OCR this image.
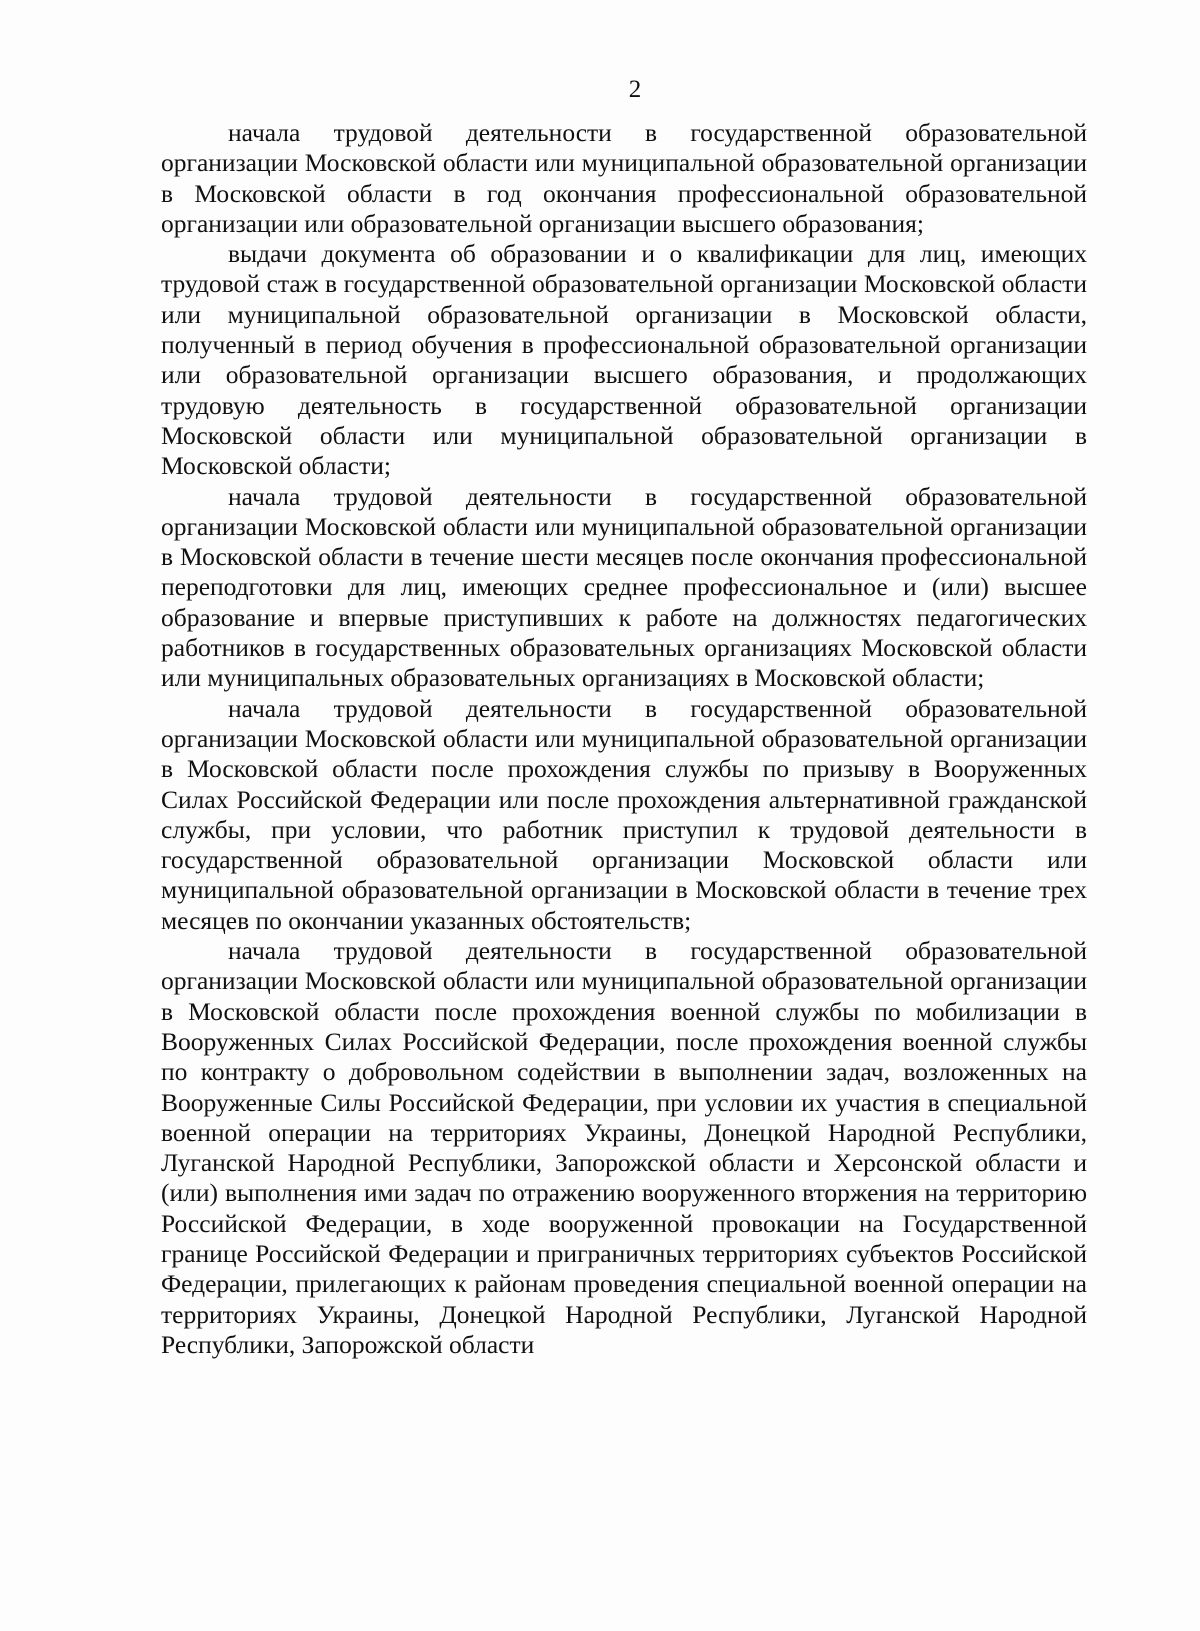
2

начала трудовой деятельности в государственной образовательной организации Московской области или муниципальной образовательной организации в Московской области в год окончания профессиональной образовательной организации или образовательной организации высшего образования;

выдачи документа об образовании и о квалификации для лиц, имеющих трудовой стаж в государственной образовательной организации Московской области или муниципальной образовательной организации в Московской области, полученный в период обучения в профессиональной образовательной организации или образовательной организации высшего образования, и продолжающих трудовую деятельность в государственной образовательной организации Московской области или муниципальной образовательной организации в Московской области;

начала трудовой деятельности в государственной образовательной организации Московской области или муниципальной образовательной организации в Московской области в течение шести месяцев после окончания профессиональной переподготовки для лиц, имеющих среднее профессиональное и (или) высшее образование и впервые приступивших к работе на должностях педагогических работников в государственных образовательных организациях Московской области или муниципальных образовательных организациях в Московской области;

начала трудовой деятельности в государственной образовательной организации Московской области или муниципальной образовательной организации в Московской области после прохождения службы по призыву в Вооруженных Силах Российской Федерации или после прохождения альтернативной гражданской службы, при условии, что работник приступил к трудовой деятельности в государственной образовательной организации Московской области или муниципальной образовательной организации в Московской области в течение трех месяцев по окончании указанных обстоятельств;

начала трудовой деятельности в государственной образовательной организации Московской области или муниципальной образовательной организации в Московской области после прохождения военной службы по мобилизации в Вооруженных Силах Российской Федерации, после прохождения военной службы по контракту о добровольном содействии в выполнении задач, возложенных на Вооруженные Силы Российской Федерации, при условии их участия в специальной военной операции на территориях Украины, Донецкой Народной Республики, Луганской Народной Республики, Запорожской области и Херсонской области и (или) выполнения ими задач по отражению вооруженного вторжения на территорию Российской Федерации, в ходе вооруженной провокации на Государственной границе Российской Федерации и приграничных территориях субъектов Российской Федерации, прилегающих к районам проведения специальной военной операции на территориях Украины, Донецкой Народной Республики, Луганской Народной Республики, Запорожской области
